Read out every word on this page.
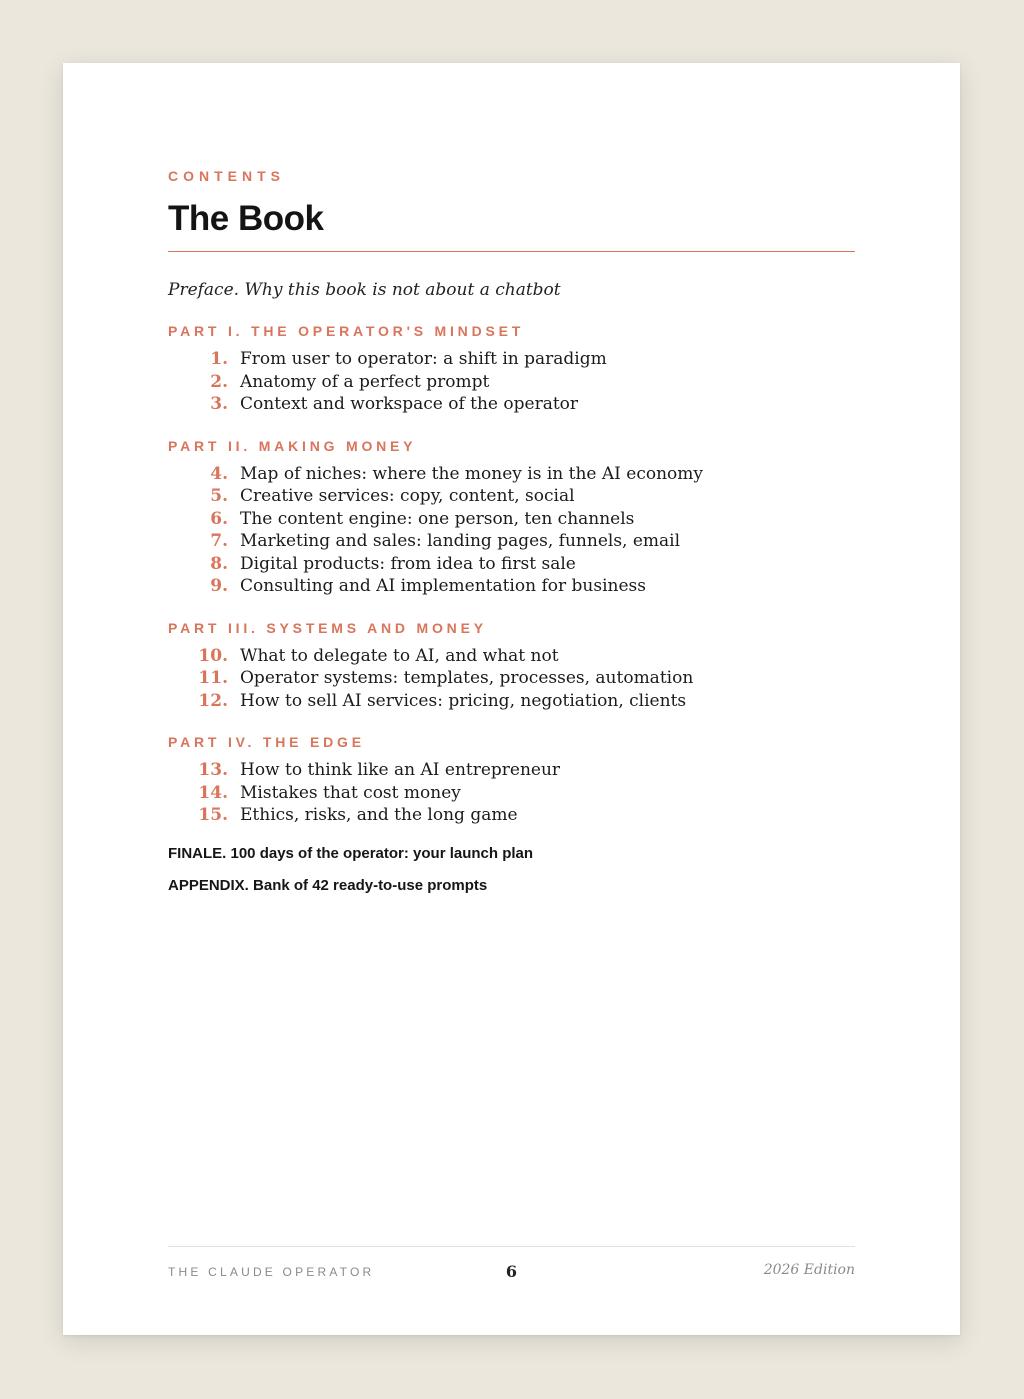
CONTENTS
The Book
Preface. Why this book is not about a chatbot
PART I. THE OPERATOR'S MINDSET
1. From user to operator: a shift in paradigm
2. Anatomy of a perfect prompt
3. Context and workspace of the operator
PART II. MAKING MONEY
4. Map of niches: where the money is in the AI economy
5. Creative services: copy, content, social
6. The content engine: one person, ten channels
7. Marketing and sales: landing pages, funnels, email
8. Digital products: from idea to first sale
9. Consulting and AI implementation for business
PART III. SYSTEMS AND MONEY
10. What to delegate to AI, and what not
11. Operator systems: templates, processes, automation
12. How to sell AI services: pricing, negotiation, clients
PART IV. THE EDGE
13. How to think like an AI entrepreneur
14. Mistakes that cost money
15. Ethics, risks, and the long game
FINALE. 100 days of the operator: your launch plan
APPENDIX. Bank of 42 ready-to-use prompts
THE CLAUDE OPERATOR	6	2026 Edition
